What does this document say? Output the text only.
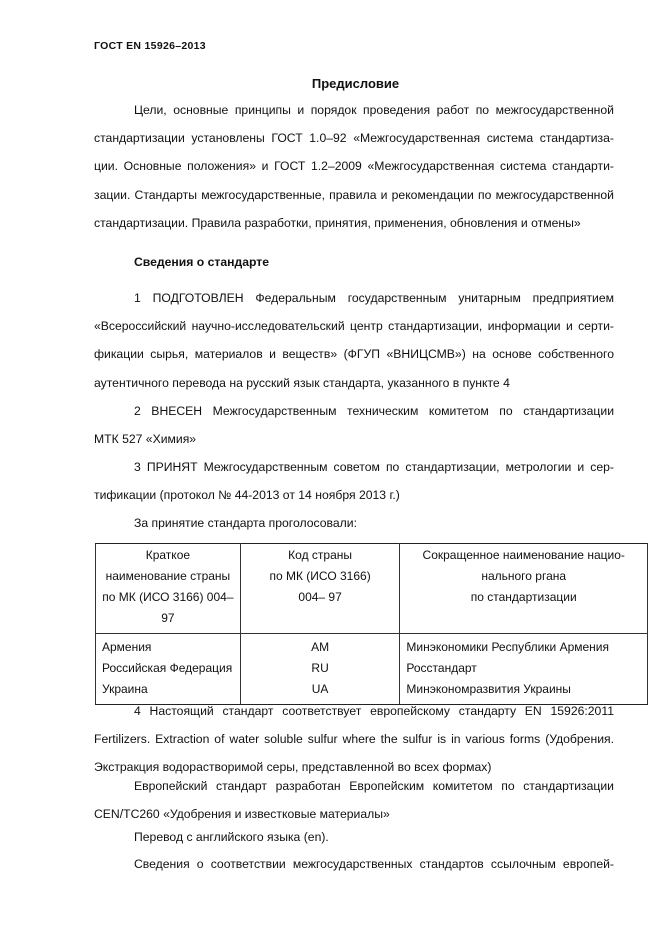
ГОСТ EN 15926–2013
Предисловие
Цели, основные принципы и порядок проведения работ по межгосударственной
стандартизации установлены ГОСТ 1.0–92 «Межгосударственная система стандартиза-
ции. Основные положения» и ГОСТ 1.2–2009 «Межгосударственная система стандарти-
зации. Стандарты межгосударственные, правила и рекомендации по межгосударственной
стандартизации. Правила разработки, принятия, применения, обновления и отмены»
Сведения о стандарте
1 ПОДГОТОВЛЕН Федеральным государственным унитарным предприятием
«Всероссийский научно-исследовательский центр стандартизации, информации и серти-
фикации сырья, материалов и веществ» (ФГУП «ВНИЦСМВ») на основе собственного
аутентичного перевода на русский язык стандарта, указанного в пункте 4
2 ВНЕСЕН Межгосударственным техническим комитетом по стандартизации
МТК 527 «Химия»
3 ПРИНЯТ Межгосударственным советом по стандартизации, метрологии и сер-
тификации (протокол № 44-2013 от 14 ноября 2013 г.)
За принятие стандарта проголосовали:
Краткое
наименование страны
по МК (ИСО 3166) 004–97	Код страны
по МК (ИСО 3166)
004– 97	Сокращенное наименование нацио-
нального ргана
по стандартизации

Армения	AM	Минэкономики Республики Армения
Российская Федерация	RU	Росстандарт
Украина	UA	Минэкономразвития Украины
4 Настоящий стандарт соответствует европейскому стандарту EN 15926:2011
Fertilizers. Extraction of water soluble sulfur where the sulfur is in various forms (Удобрения.
Экстракция водорастворимой серы, представленной во всех формах)
Европейский стандарт разработан Европейским комитетом по стандартизации
CEN/TC260 «Удобрения и известковые материалы»
Перевод с английского языка (en).
Сведения о соответствии межгосударственных стандартов ссылочным европей-
